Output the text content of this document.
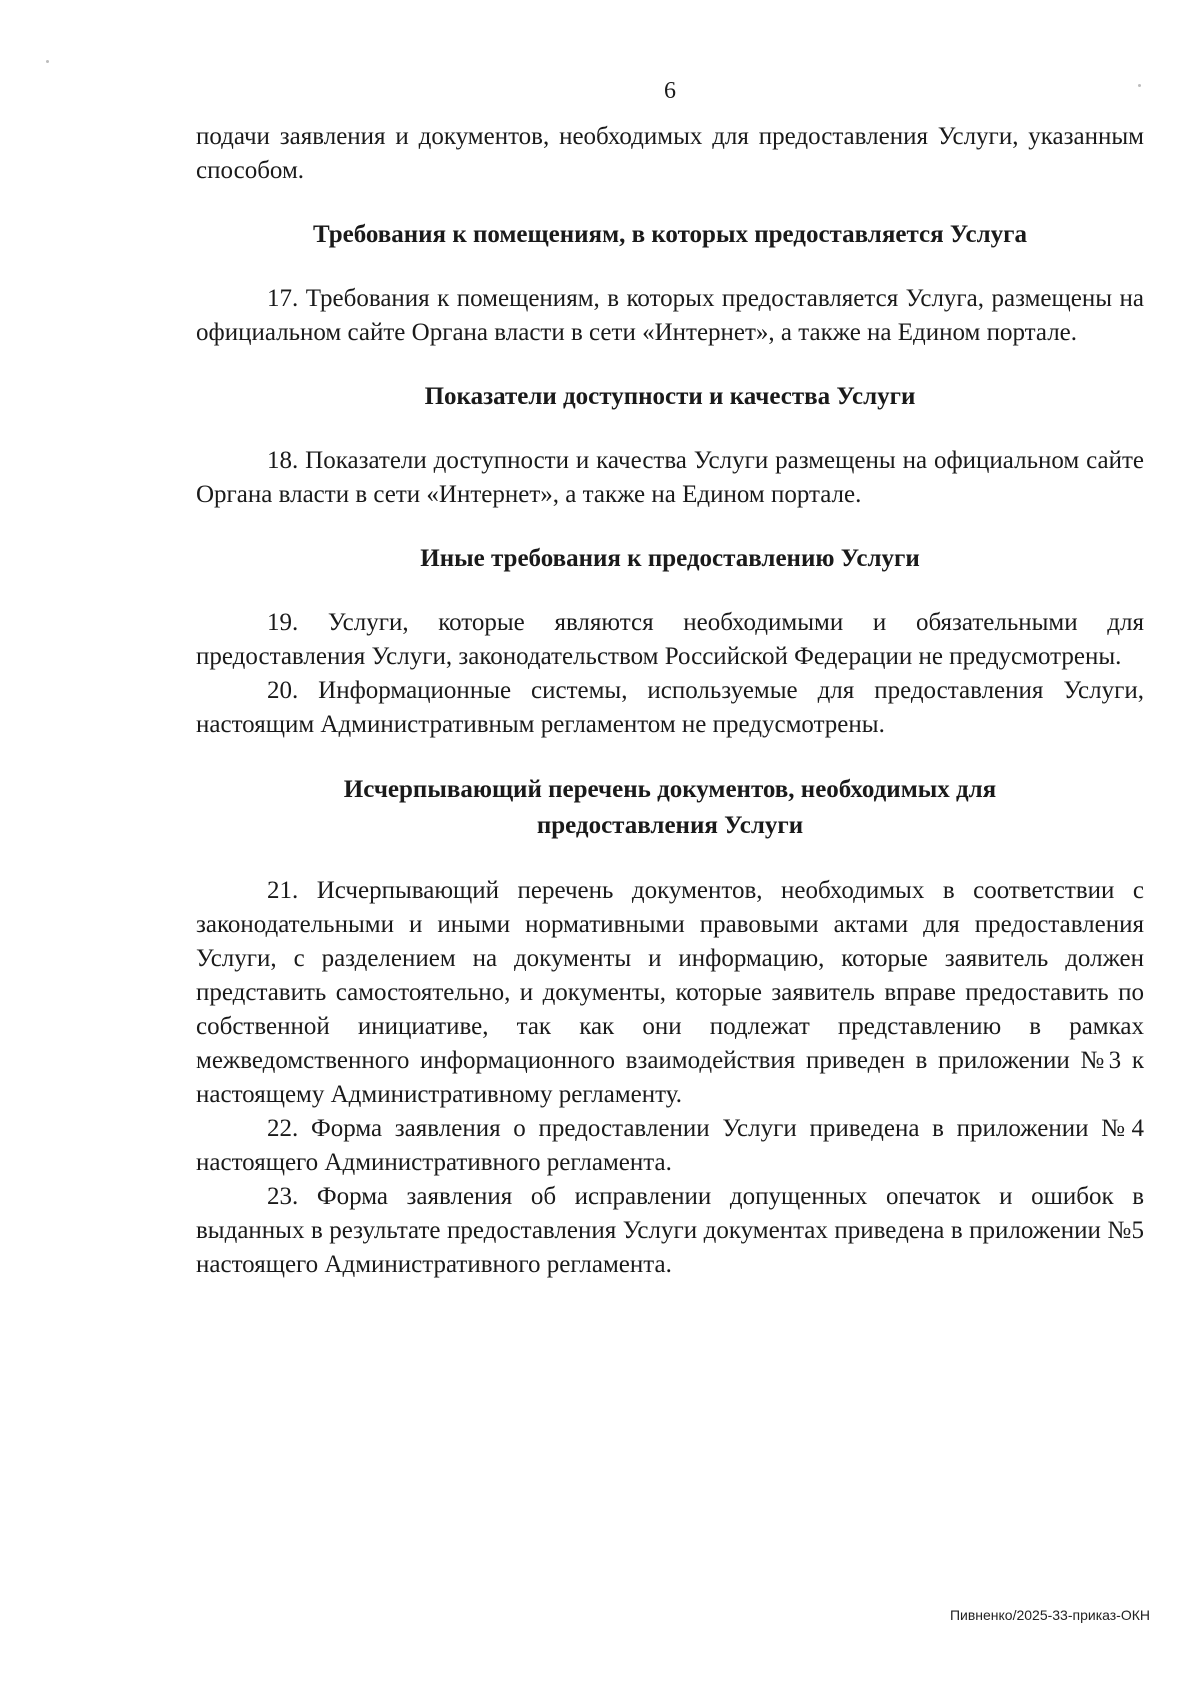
6

подачи заявления и документов, необходимых для предоставления Услуги, указанным способом.

Требования к помещениям, в которых предоставляется Услуга

17. Требования к помещениям, в которых предоставляется Услуга, размещены на официальном сайте Органа власти в сети «Интернет», а также на Едином портале.

Показатели доступности и качества Услуги

18. Показатели доступности и качества Услуги размещены на официальном сайте Органа власти в сети «Интернет», а также на Едином портале.

Иные требования к предоставлению Услуги

19. Услуги, которые являются необходимыми и обязательными для предоставления Услуги, законодательством Российской Федерации не предусмотрены.

20. Информационные системы, используемые для предоставления Услуги, настоящим Административным регламентом не предусмотрены.

Исчерпывающий перечень документов, необходимых для

предоставления Услуги

21. Исчерпывающий перечень документов, необходимых в соответствии с законодательными и иными нормативными правовыми актами для предоставления Услуги, с разделением на документы и информацию, которые заявитель должен представить самостоятельно, и документы, которые заявитель вправе предоставить по собственной инициативе, так как они подлежат представлению в рамках межведомственного информационного взаимодействия приведен в приложении №3 к настоящему Административному регламенту.

22. Форма заявления о предоставлении Услуги приведена в приложении №4 настоящего Административного регламента.

23. Форма заявления об исправлении допущенных опечаток и ошибок в выданных в результате предоставления Услуги документах приведена в приложении №5 настоящего Административного регламента.

Пивненко/2025-33-приказ-ОКН
